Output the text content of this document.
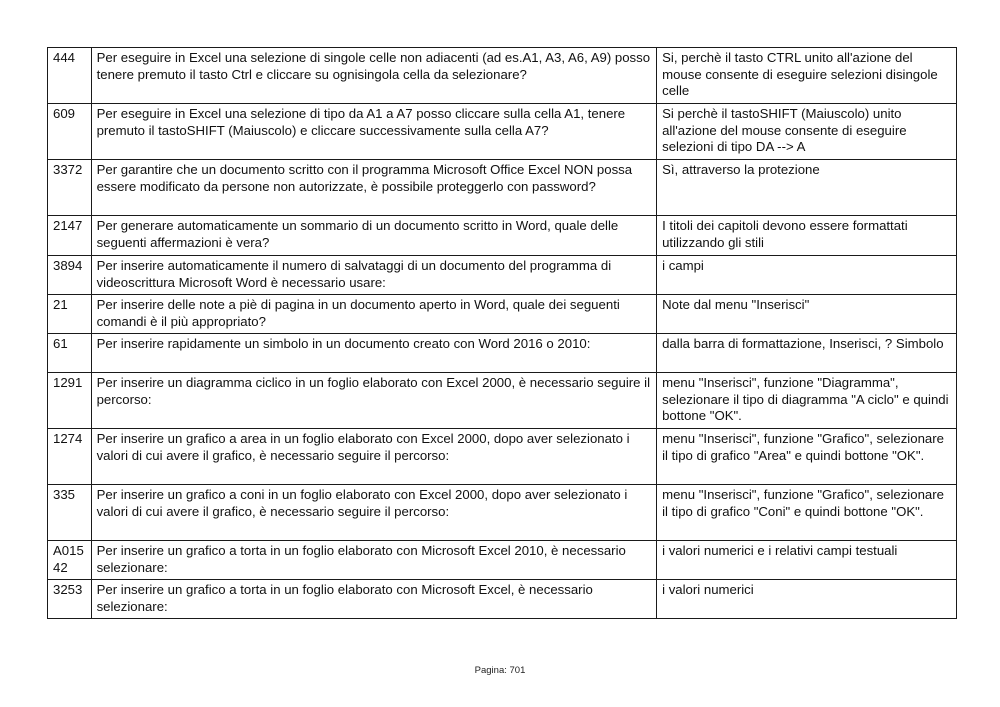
444	Per eseguire in Excel una selezione di singole celle non adiacenti (ad es.A1, A3, A6, A9) posso tenere premuto il tasto Ctrl e cliccare su ognisingola cella da selezionare?	Si, perchè il tasto CTRL unito all'azione del mouse consente di eseguire selezioni disingole celle
609	Per eseguire in Excel una selezione di tipo da A1 a A7 posso cliccare sulla cella A1, tenere premuto il tastoSHIFT (Maiuscolo) e cliccare successivamente sulla cella A7?	Si perchè il tastoSHIFT (Maiuscolo) unito all'azione del mouse consente di eseguire selezioni di tipo DA --> A
3372	Per garantire che un documento scritto con il programma Microsoft Office Excel NON possa essere modificato da persone non autorizzate, è possibile proteggerlo con password?	Sì, attraverso la protezione
2147	Per generare automaticamente un sommario di un documento scritto in Word, quale delle seguenti affermazioni è vera?	I titoli dei capitoli devono essere formattati utilizzando gli stili
3894	Per inserire automaticamente il numero di salvataggi di un documento del programma di videoscrittura Microsoft Word è necessario usare:	i campi
21	Per inserire delle note a piè di pagina in un documento aperto in Word, quale dei seguenti comandi è il più appropriato?	Note dal menu "Inserisci"
61	Per inserire rapidamente un simbolo in un documento creato con Word 2016 o 2010:	dalla barra di formattazione, Inserisci, ? Simbolo
1291	Per inserire un diagramma ciclico in un foglio elaborato con Excel 2000, è necessario seguire il percorso:	menu "Inserisci", funzione "Diagramma", selezionare il tipo di diagramma "A ciclo" e quindi bottone "OK".
1274	Per inserire un grafico a area in un foglio elaborato con Excel 2000, dopo aver selezionato i valori di cui avere il grafico, è necessario seguire il percorso:	menu "Inserisci", funzione "Grafico", selezionare il tipo di grafico "Area" e quindi bottone "OK".
335	Per inserire un grafico a coni in un foglio elaborato con Excel 2000, dopo aver selezionato i valori di cui avere il grafico, è necessario seguire il percorso:	menu "Inserisci", funzione "Grafico", selezionare il tipo di grafico "Coni" e quindi bottone "OK".
A01542	Per inserire un grafico a torta in un foglio elaborato con Microsoft Excel 2010, è necessario selezionare:	i valori numerici e i relativi campi testuali
3253	Per inserire un grafico a torta in un foglio elaborato con Microsoft Excel, è necessario selezionare:	i valori numerici
Pagina: 701
